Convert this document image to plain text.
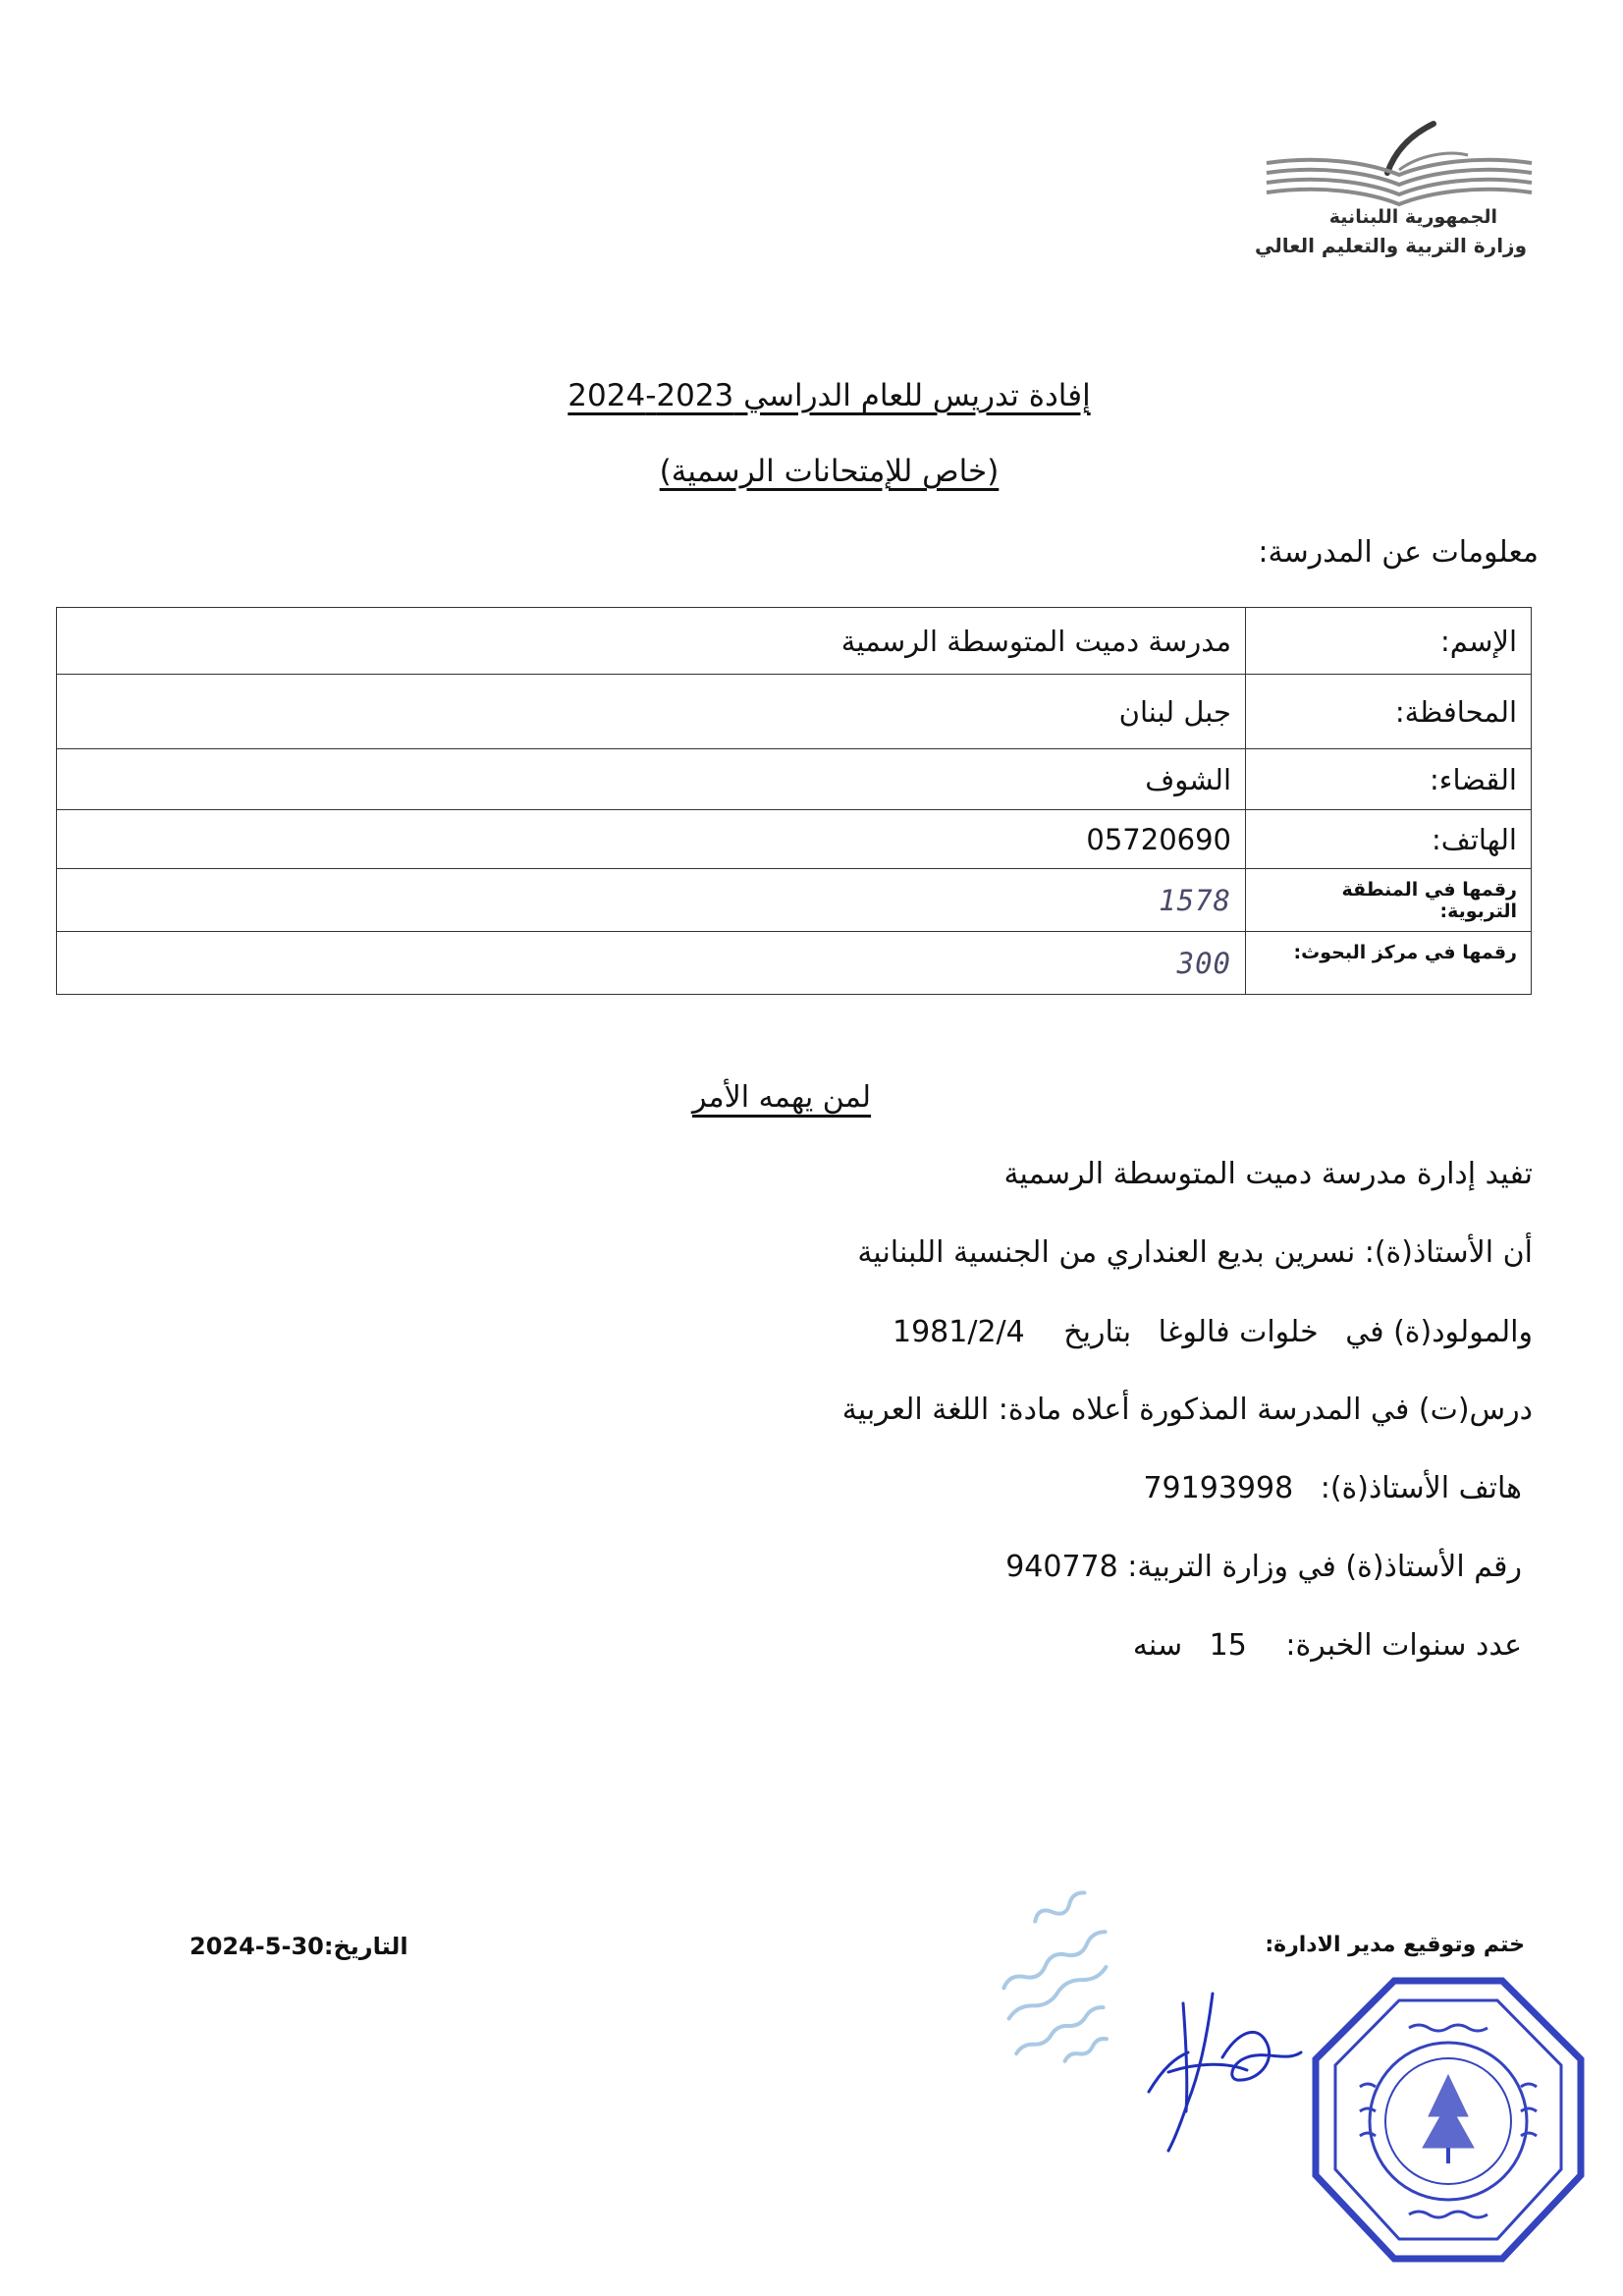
الجمهورية اللبنانية
وزارة التربية والتعليم العالي
إفادة تدريس للعام الدراسي 2023-2024
(خاص للإمتحانات الرسمية)
معلومات عن المدرسة:
الإسم:	مدرسة دميت المتوسطة الرسمية
المحافظة:	جبل لبنان
القضاء:	الشوف
الهاتف:	05720690
رقمها في المنطقة التربوية:	1578
رقمها في مركز البحوث:	300
لمن يهمه الأمر
تفيد إدارة مدرسة دميت المتوسطة الرسمية
أن الأستاذ(ة): نسرين بديع العنداري من الجنسية اللبنانية
والمولود(ة) في خلوات فالوغا بتاريخ 1981/2/4
درس(ت) في المدرسة المذكورة أعلاه مادة: اللغة العربية
هاتف الأستاذ(ة): 79193998
رقم الأستاذ(ة) في وزارة التربية: 940778
عدد سنوات الخبرة: 15 سنه
ختم وتوقيع مدير الادارة:
التاريخ:30-5-2024
